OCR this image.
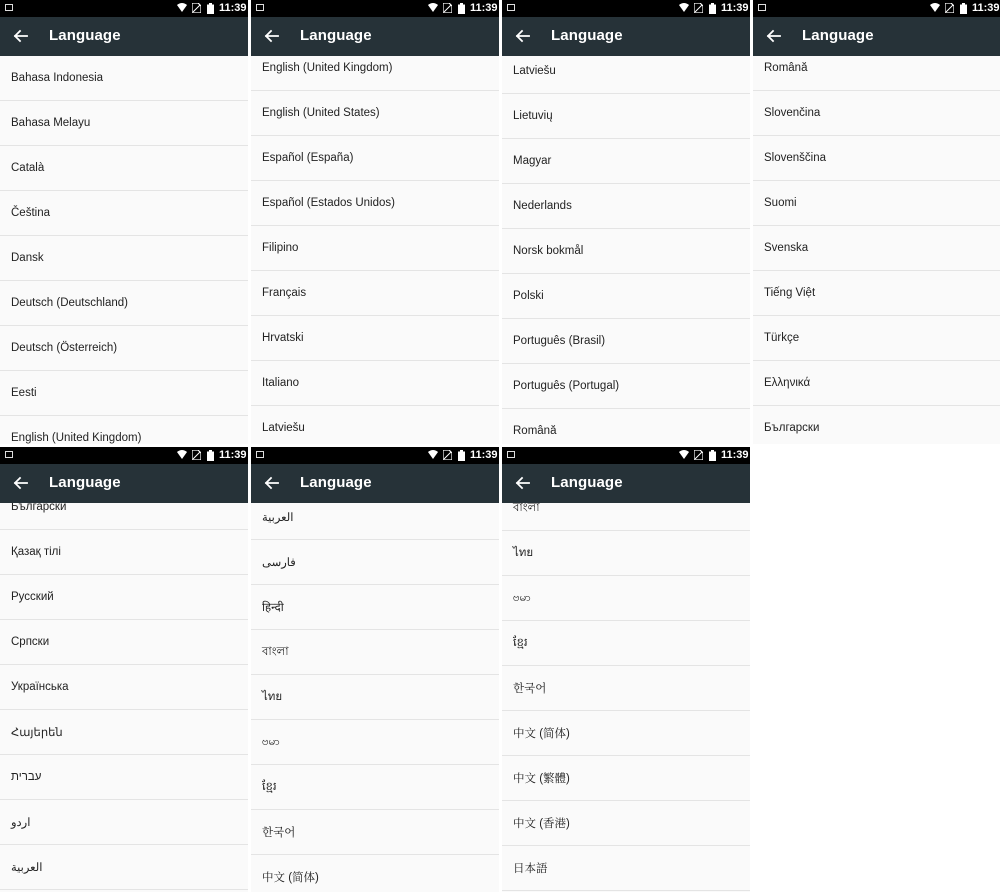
11:39
Language
Bahasa Indonesia
Bahasa Melayu
Català
Čeština
Dansk
Deutsch (Deutschland)
Deutsch (Österreich)
Eesti
English (United Kingdom)
11:39
Language
English (United Kingdom)
English (United States)
Español (España)
Español (Estados Unidos)
Filipino
Français
Hrvatski
Italiano
Latviešu
11:39
Language
Latviešu
Lietuvių
Magyar
Nederlands
Norsk bokmål
Polski
Português (Brasil)
Português (Portugal)
Română
11:39
Language
Română
Slovenčina
Slovenščina
Suomi
Svenska
Tiếng Việt
Türkçe
Ελληνικά
Български
11:39
Language
Български
Қазақ тілі
Русский
Српски
Українська
Հայերեն
עברית
اردو
العربية
11:39
Language
العربية
فارسی
हिन्दी
বাংলা
ไทย
ဗမာ
ខ្មែរ
한국어
中文 (简体)
11:39
Language
বাংলা
ไทย
ဗမာ
ខ្មែរ
한국어
中文 (简体)
中文 (繁體)
中文 (香港)
日本語
